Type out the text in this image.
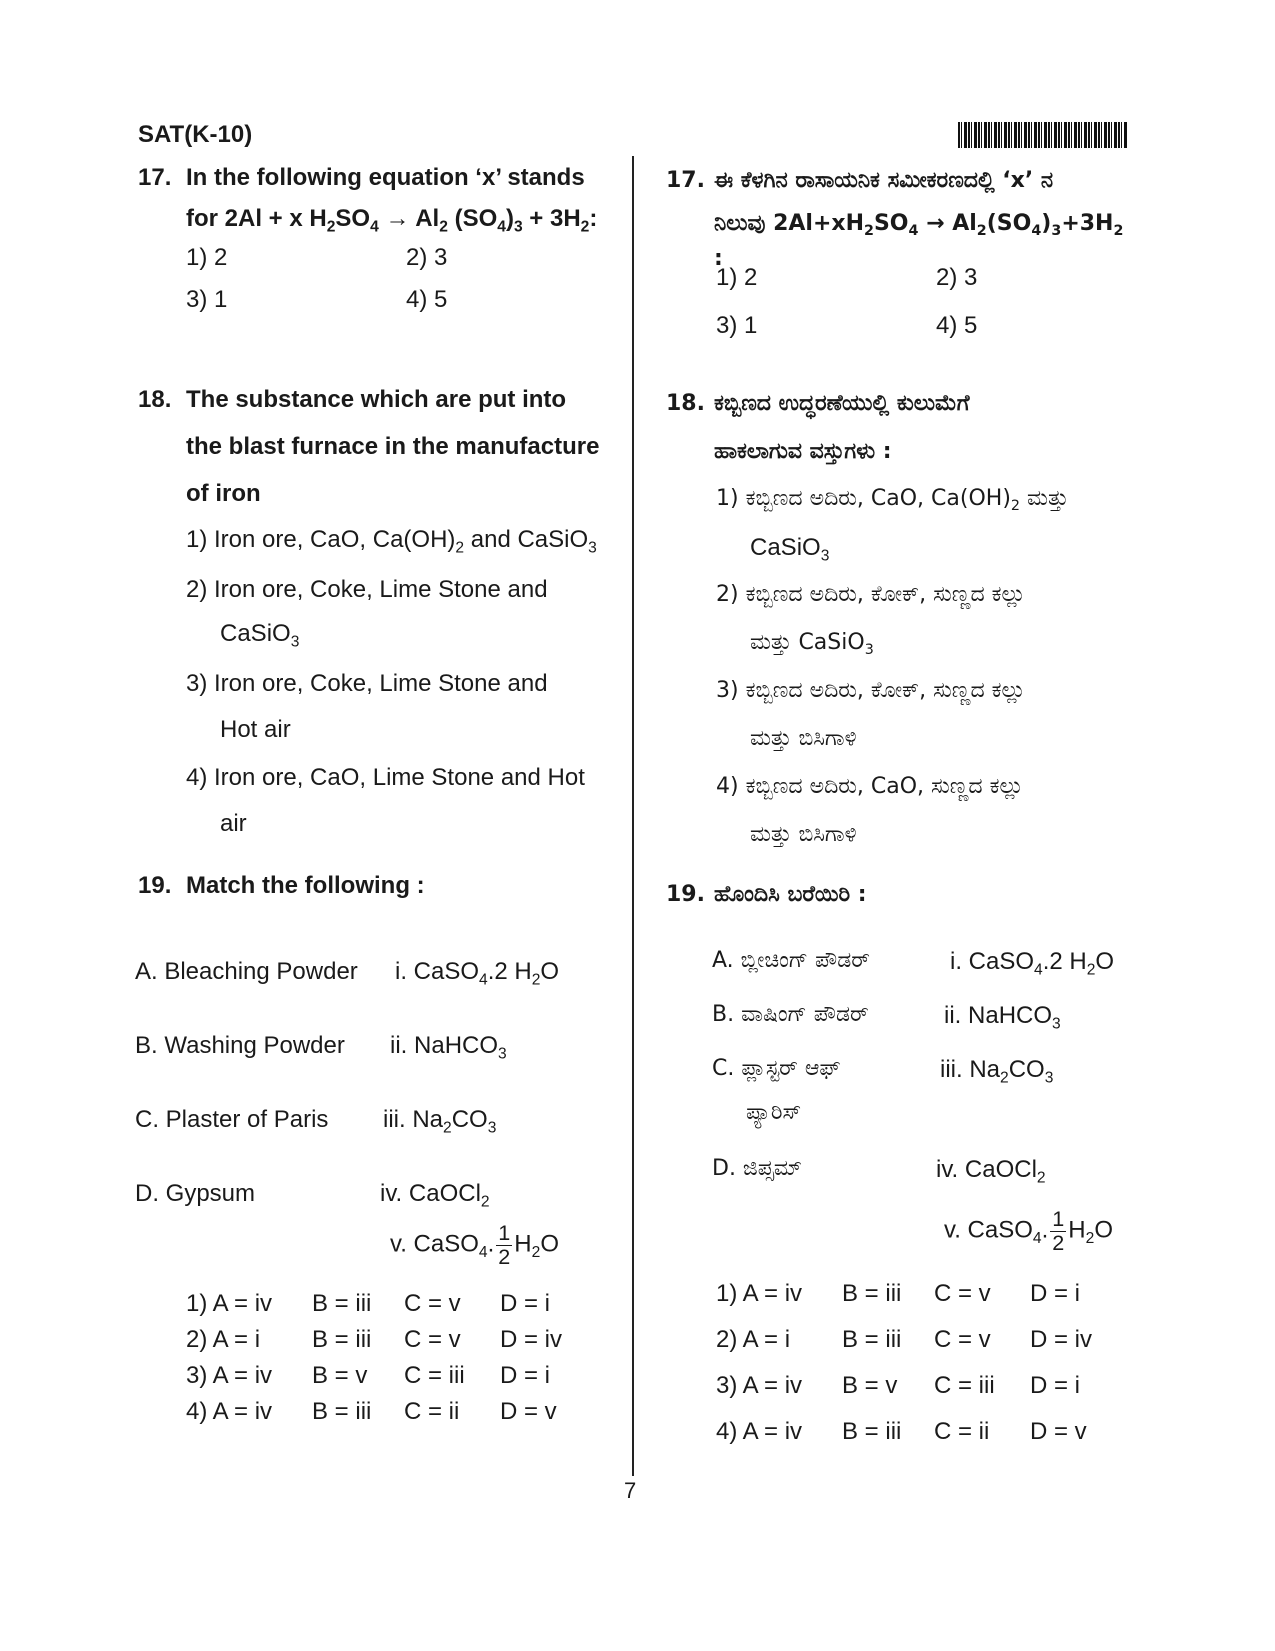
SAT(K-10)
17. In the following equation ‘x’ stands
for 2Al + x $H_2SO_4 \to Al_2$ $(SO_4)_3 + 3H_2$:
1) 2	2) 3
3) 1	4) 5
18. The substance which are put into
the blast furnace in the manufacture
of iron
1) Iron ore, CaO, $Ca(OH)_2$ and CaSiO$_3$
2) Iron ore, Coke, Lime Stone and
CaSiO$_3$
3) Iron ore, Coke, Lime Stone and
Hot air
4) Iron ore, CaO, Lime Stone and Hot
air
19. Match the following :
A. Bleaching Powder i. CaSO$_4$.2 $H_2O$
B. Washing Powder ii. NaHCO$_3$
C. Plaster of Paris iii. $Na_2CO_3$
D. Gypsum	iv. CaOCl$_2$
v. CaSO$_4$. $\frac{1}{2} H_2O$
1) A = iv B = iii C = v D = i
2) A = i B = iii C = v D = iv
3) A = iv B = v C = iii D = i
4) A = iv B = iii C = ii D = v
17. ಈ ಕೆಳಗಿನ ರಾಸಾಯನಿಕ ಸಮೀಕರಣದಲ್ಲಿ ‘x’ ನ
ನಿಲುವು $2Al+xH_2SO_4 \to Al_2(SO_4)_3+3H_2$ :
1) 2	2) 3
3) 1	4) 5
18. ಕಬ್ಬಿಣದ ಉದ್ಧರಣೆಯುಲ್ಲಿ ಕುಲುಮೆಗೆ
ಹಾಕಲಾಗುವ ವಸ್ತುಗಳು :
1) ಕಬ್ಬಿಣದ ಅದಿರು, CaO, $Ca(OH)_2$ ಮತ್ತು
CaSiO$_3$
2) ಕಬ್ಬಿಣದ ಅದಿರು, ಕೋಕ್, ಸುಣ್ಣದ ಕಲ್ಲು
ಮತ್ತು CaSiO$_3$
3) ಕಬ್ಬಿಣದ ಅದಿರು, ಕೋಕ್, ಸುಣ್ಣದ ಕಲ್ಲು
ಮತ್ತು ಬಿಸಿಗಾಳಿ
4) ಕಬ್ಬಿಣದ ಅದಿರು, CaO, ಸುಣ್ಣದ ಕಲ್ಲು
ಮತ್ತು ಬಿಸಿಗಾಳಿ
19. ಹೊಂದಿಸಿ ಬರೆಯಿರಿ :
A. ಬ್ಲೀಚಿಂಗ್ ಪೌಡರ್	i. CaSO$_4$.2 $H_2O$
B. ವಾಷಿಂಗ್ ಪೌಡರ್	ii. NaHCO$_3$
C. ಪ್ಲಾಸ್ಟರ್ ಆಫ್	iii. $Na_2CO_3$
ಪ್ಯಾರಿಸ್
D. ಜಿಪ್ಸಮ್	iv. CaOCl$_2$
v. CaSO$_4$. $\frac{1}{2} H_2O$
1) A = iv B = iii C = v D = i
2) A = i B = iii C = v D = iv
3) A = iv B = v C = iii D = i
4) A = iv B = iii C = ii D = v
7
